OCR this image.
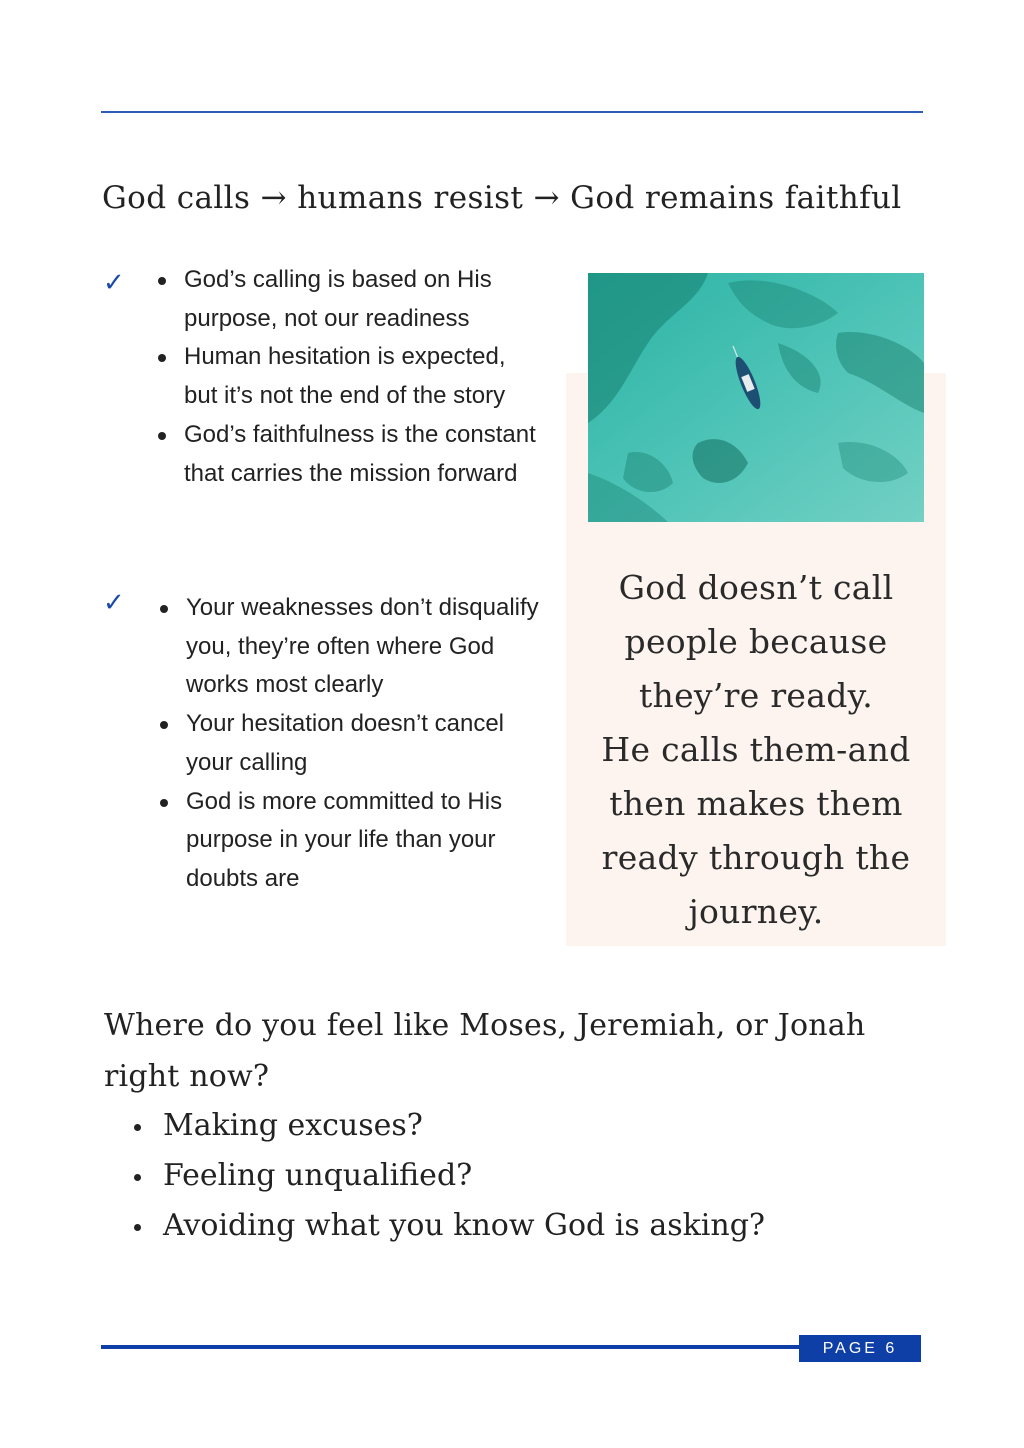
God calls → humans resist → God remains faithful
✓	God’s calling is based on His purpose, not our readiness
Human hesitation is expected, but it’s not the end of the story
God’s faithfulness is the constant that carries the mission forward
✓	Your weaknesses don’t disqualify you, they’re often where God works most clearly
Your hesitation doesn’t cancel your calling
God is more committed to His purpose in your life than your doubts are
God doesn’t call
people because
they’re ready.
He calls them-and
then makes them
ready through the
journey.
Where do you feel like Moses, Jeremiah, or Jonah right now?
Making excuses?
Feeling unqualified?
Avoiding what you know God is asking?
PAGE 6
